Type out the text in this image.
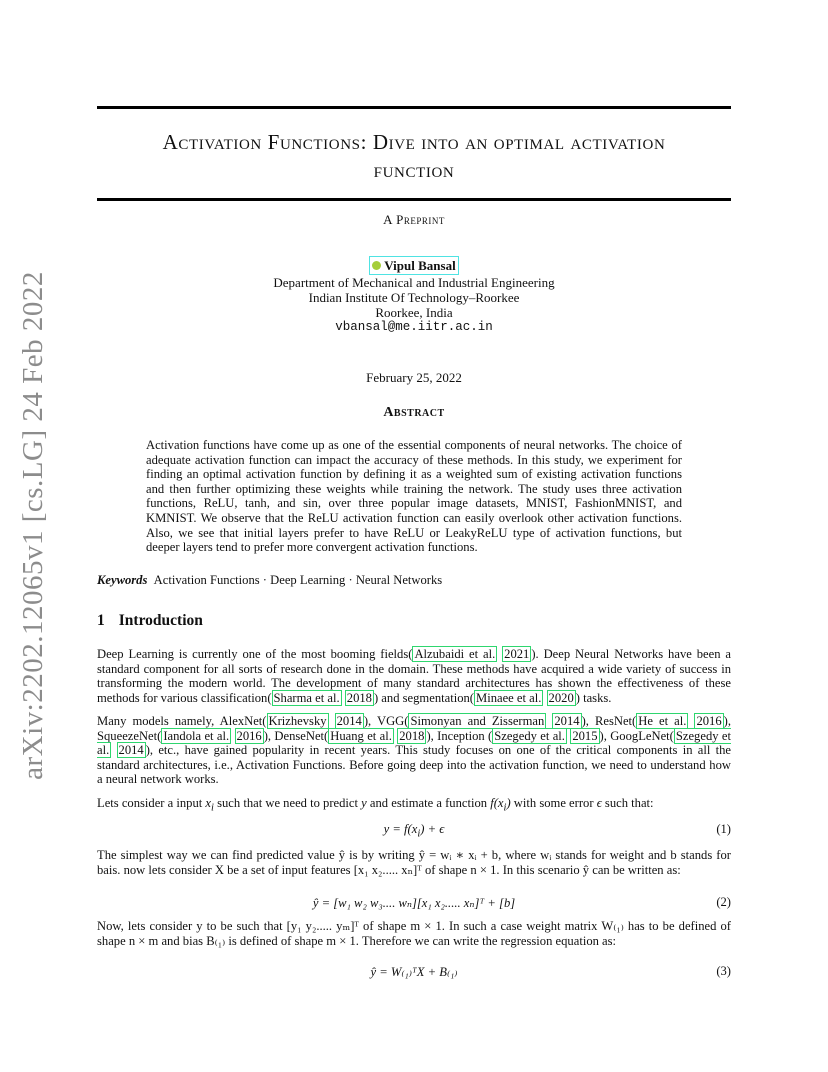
arXiv:2202.12065v1 [cs.LG] 24 Feb 2022
Activation Functions: Dive into an optimal activation
function
A Preprint
Vipul Bansal
Department of Mechanical and Industrial Engineering
Indian Institute Of Technology–Roorkee
Roorkee, India
vbansal@me.iitr.ac.in
February 25, 2022
Abstract
Activation functions have come up as one of the essential components of neural networks. The choice of adequate activation function can impact the accuracy of these methods. In this study, we experiment for finding an optimal activation function by defining it as a weighted sum of existing activation functions and then further optimizing these weights while training the network. The study uses three activation functions, ReLU, tanh, and sin, over three popular image datasets, MNIST, FashionMNIST, and KMNIST. We observe that the ReLU activation function can easily overlook other activation functions. Also, we see that initial layers prefer to have ReLU or LeakyReLU type of activation functions, but deeper layers tend to prefer more convergent activation functions.
Keywords Activation Functions · Deep Learning · Neural Networks
1 Introduction
Deep Learning is currently one of the most booming fields( Alzubaidi et al. 2021 ). Deep Neural Networks have been a standard component for all sorts of research done in the domain. These methods have acquired a wide variety of success in transforming the modern world. The development of many standard architectures has shown the effectiveness of these methods for various classification( Sharma et al. 2018 ) and segmentation( Minaee et al. 2020 ) tasks.
Many models namely, AlexNet( Krizhevsky 2014 ), VGG( Simonyan and Zisserman 2014 ), ResNet( He et al. 2016 ), SqueezeNet( Iandola et al. 2016 ), DenseNet( Huang et al. 2018 ), Inception ( Szegedy et al. 2015 ), GoogLeNet( Szegedy et al. 2014 ), etc., have gained popularity in recent years. This study focuses on one of the critical components in all the standard architectures, i.e., Activation Functions. Before going deep into the activation function, we need to understand how a neural network works.
Lets consider a input $x_i$ such that we need to predict y and estimate a function $f(x_i)$ with some error ϵ such that:
$y = f(x_i) + \epsilon$	(1)
The simplest way we can find predicted value ŷ is by writing ŷ = wᵢ ∗ xᵢ + b, where wᵢ stands for weight and b stands for bais. now lets consider X be a set of input features [x₁ x₂..... xₙ]ᵀ of shape n × 1. In this scenario ŷ can be written as:
ŷ = [w₁ w₂ w₃.... wₙ][x₁ x₂..... xₙ]ᵀ + [b]	(2)
Now, lets consider y to be such that [y₁ y₂..... yₘ]ᵀ of shape m × 1. In such a case weight matrix W₍₁₎ has to be defined of shape n × m and bias B₍₁₎ is defined of shape m × 1. Therefore we can write the regression equation as:
ŷ = W₍₁₎ᵀX + B₍₁₎	(3)
